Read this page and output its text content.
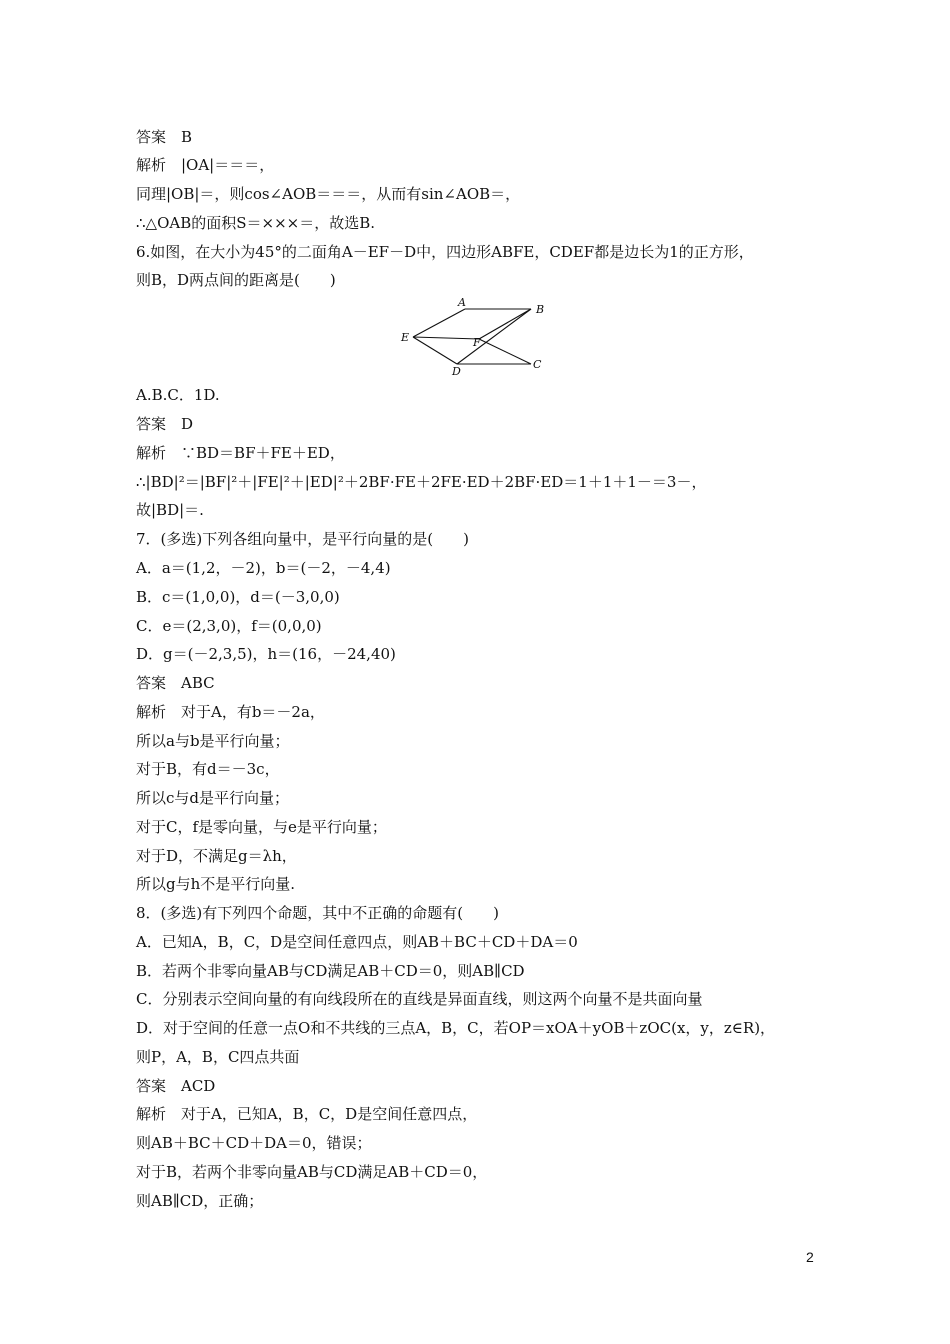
答案　B
解析　|OA|＝＝＝，
同理|OB|＝，则cos∠AOB＝＝＝，从而有sin∠AOB＝，
∴△OAB的面积S＝×××＝，故选B.
6.如图，在大小为45°的二面角A－EF－D中，四边形ABFE，CDEF都是边长为1的正方形，
则B，D两点间的距离是(　　)
A
B
E	F
D
C
A.B.C．1D.
答案　D
解析　∵BD＝BF＋FE＋ED，
∴|BD|²＝|BF|²＋|FE|²＋|ED|²＋2BF·FE＋2FE·ED＋2BF·ED＝1＋1＋1－＝3－，
故|BD|＝.
7．(多选)下列各组向量中，是平行向量的是(　　)
A．a＝(1,2，－2)，b＝(－2，－4,4)
B．c＝(1,0,0)，d＝(－3,0,0)
C．e＝(2,3,0)，f＝(0,0,0)
D．g＝(－2,3,5)，h＝(16，－24,40)
答案　ABC
解析　对于A，有b＝－2a，
所以a与b是平行向量；
对于B，有d＝－3c，
所以c与d是平行向量；
对于C，f是零向量，与e是平行向量；
对于D，不满足g＝λh，
所以g与h不是平行向量.
8．(多选)有下列四个命题，其中不正确的命题有(　　)
A．已知A，B，C，D是空间任意四点，则AB＋BC＋CD＋DA＝0
B．若两个非零向量AB与CD满足AB＋CD＝0，则AB∥CD
C．分别表示空间向量的有向线段所在的直线是异面直线，则这两个向量不是共面向量
D．对于空间的任意一点O和不共线的三点A，B，C，若OP＝xOA＋yOB＋zOC(x，y，z∈R)，
则P，A，B，C四点共面
答案　ACD
解析　对于A，已知A，B，C，D是空间任意四点，
则AB＋BC＋CD＋DA＝0，错误；
对于B，若两个非零向量AB与CD满足AB＋CD＝0，
则AB∥CD，正确；
2
